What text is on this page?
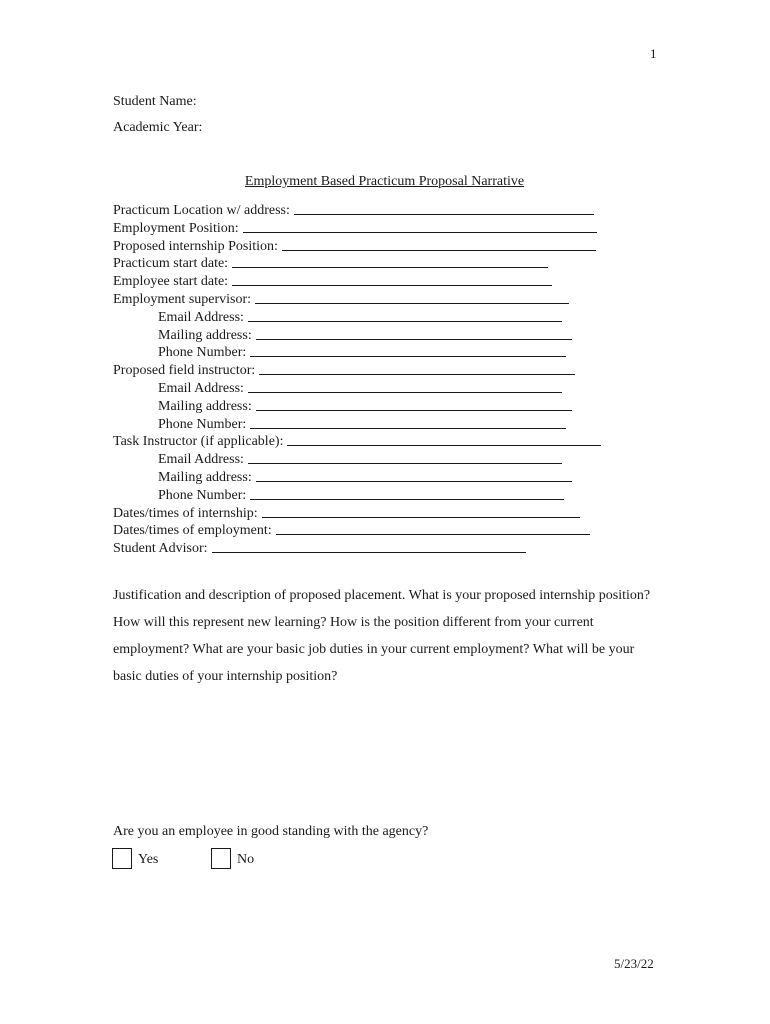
1
Student Name:
Academic Year:
Employment Based Practicum Proposal Narrative
Practicum Location w/ address:
Employment Position:
Proposed internship Position:
Practicum start date:
Employee start date:
Employment supervisor:
Email Address:
Mailing address:
Phone Number:
Proposed field instructor:
Email Address:
Mailing address:
Phone Number:
Task Instructor (if applicable):
Email Address:
Mailing address:
Phone Number:
Dates/times of internship:
Dates/times of employment:
Student Advisor:
Justification and description of proposed placement. What is your proposed internship position? How will this represent new learning? How is the position different from your current employment? What are your basic job duties in your current employment? What will be your basic duties of your internship position?
Are you an employee in good standing with the agency?
Yes	No
5/23/22
